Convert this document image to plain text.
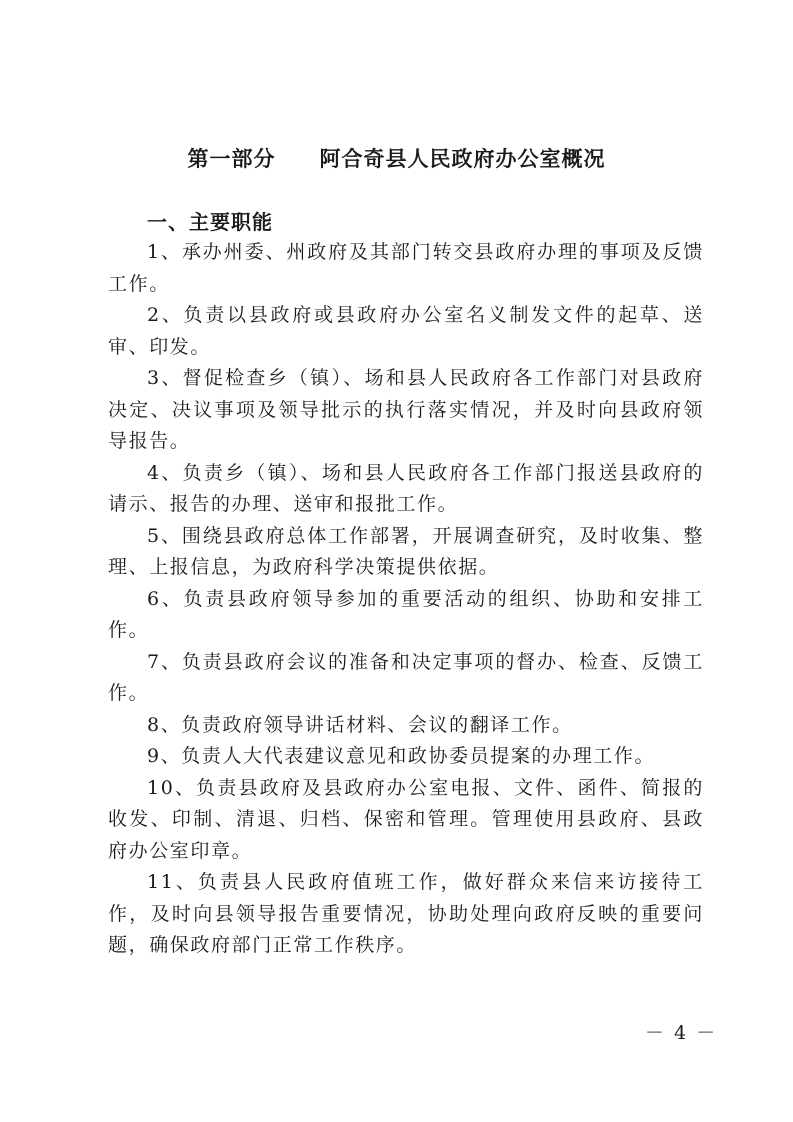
第一部分　　阿合奇县人民政府办公室概况
一、主要职能

1、承办州委、州政府及其部门转交县政府办理的事项及反馈工作。

2、负责以县政府或县政府办公室名义制发文件的起草、送审、印发。

3、督促检查乡（镇）、场和县人民政府各工作部门对县政府决定、决议事项及领导批示的执行落实情况，并及时向县政府领导报告。

4、负责乡（镇）、场和县人民政府各工作部门报送县政府的请示、报告的办理、送审和报批工作。

5、围绕县政府总体工作部署，开展调查研究，及时收集、整理、上报信息，为政府科学决策提供依据。

6、负责县政府领导参加的重要活动的组织、协助和安排工作。

7、负责县政府会议的准备和决定事项的督办、检查、反馈工作。

8、负责政府领导讲话材料、会议的翻译工作。

9、负责人大代表建议意见和政协委员提案的办理工作。

10、负责县政府及县政府办公室电报、文件、函件、简报的收发、印制、清退、归档、保密和管理。管理使用县政府、县政府办公室印章。

11、负责县人民政府值班工作，做好群众来信来访接待工作，及时向县领导报告重要情况，协助处理向政府反映的重要问题，确保政府部门正常工作秩序。

－ 4 －
